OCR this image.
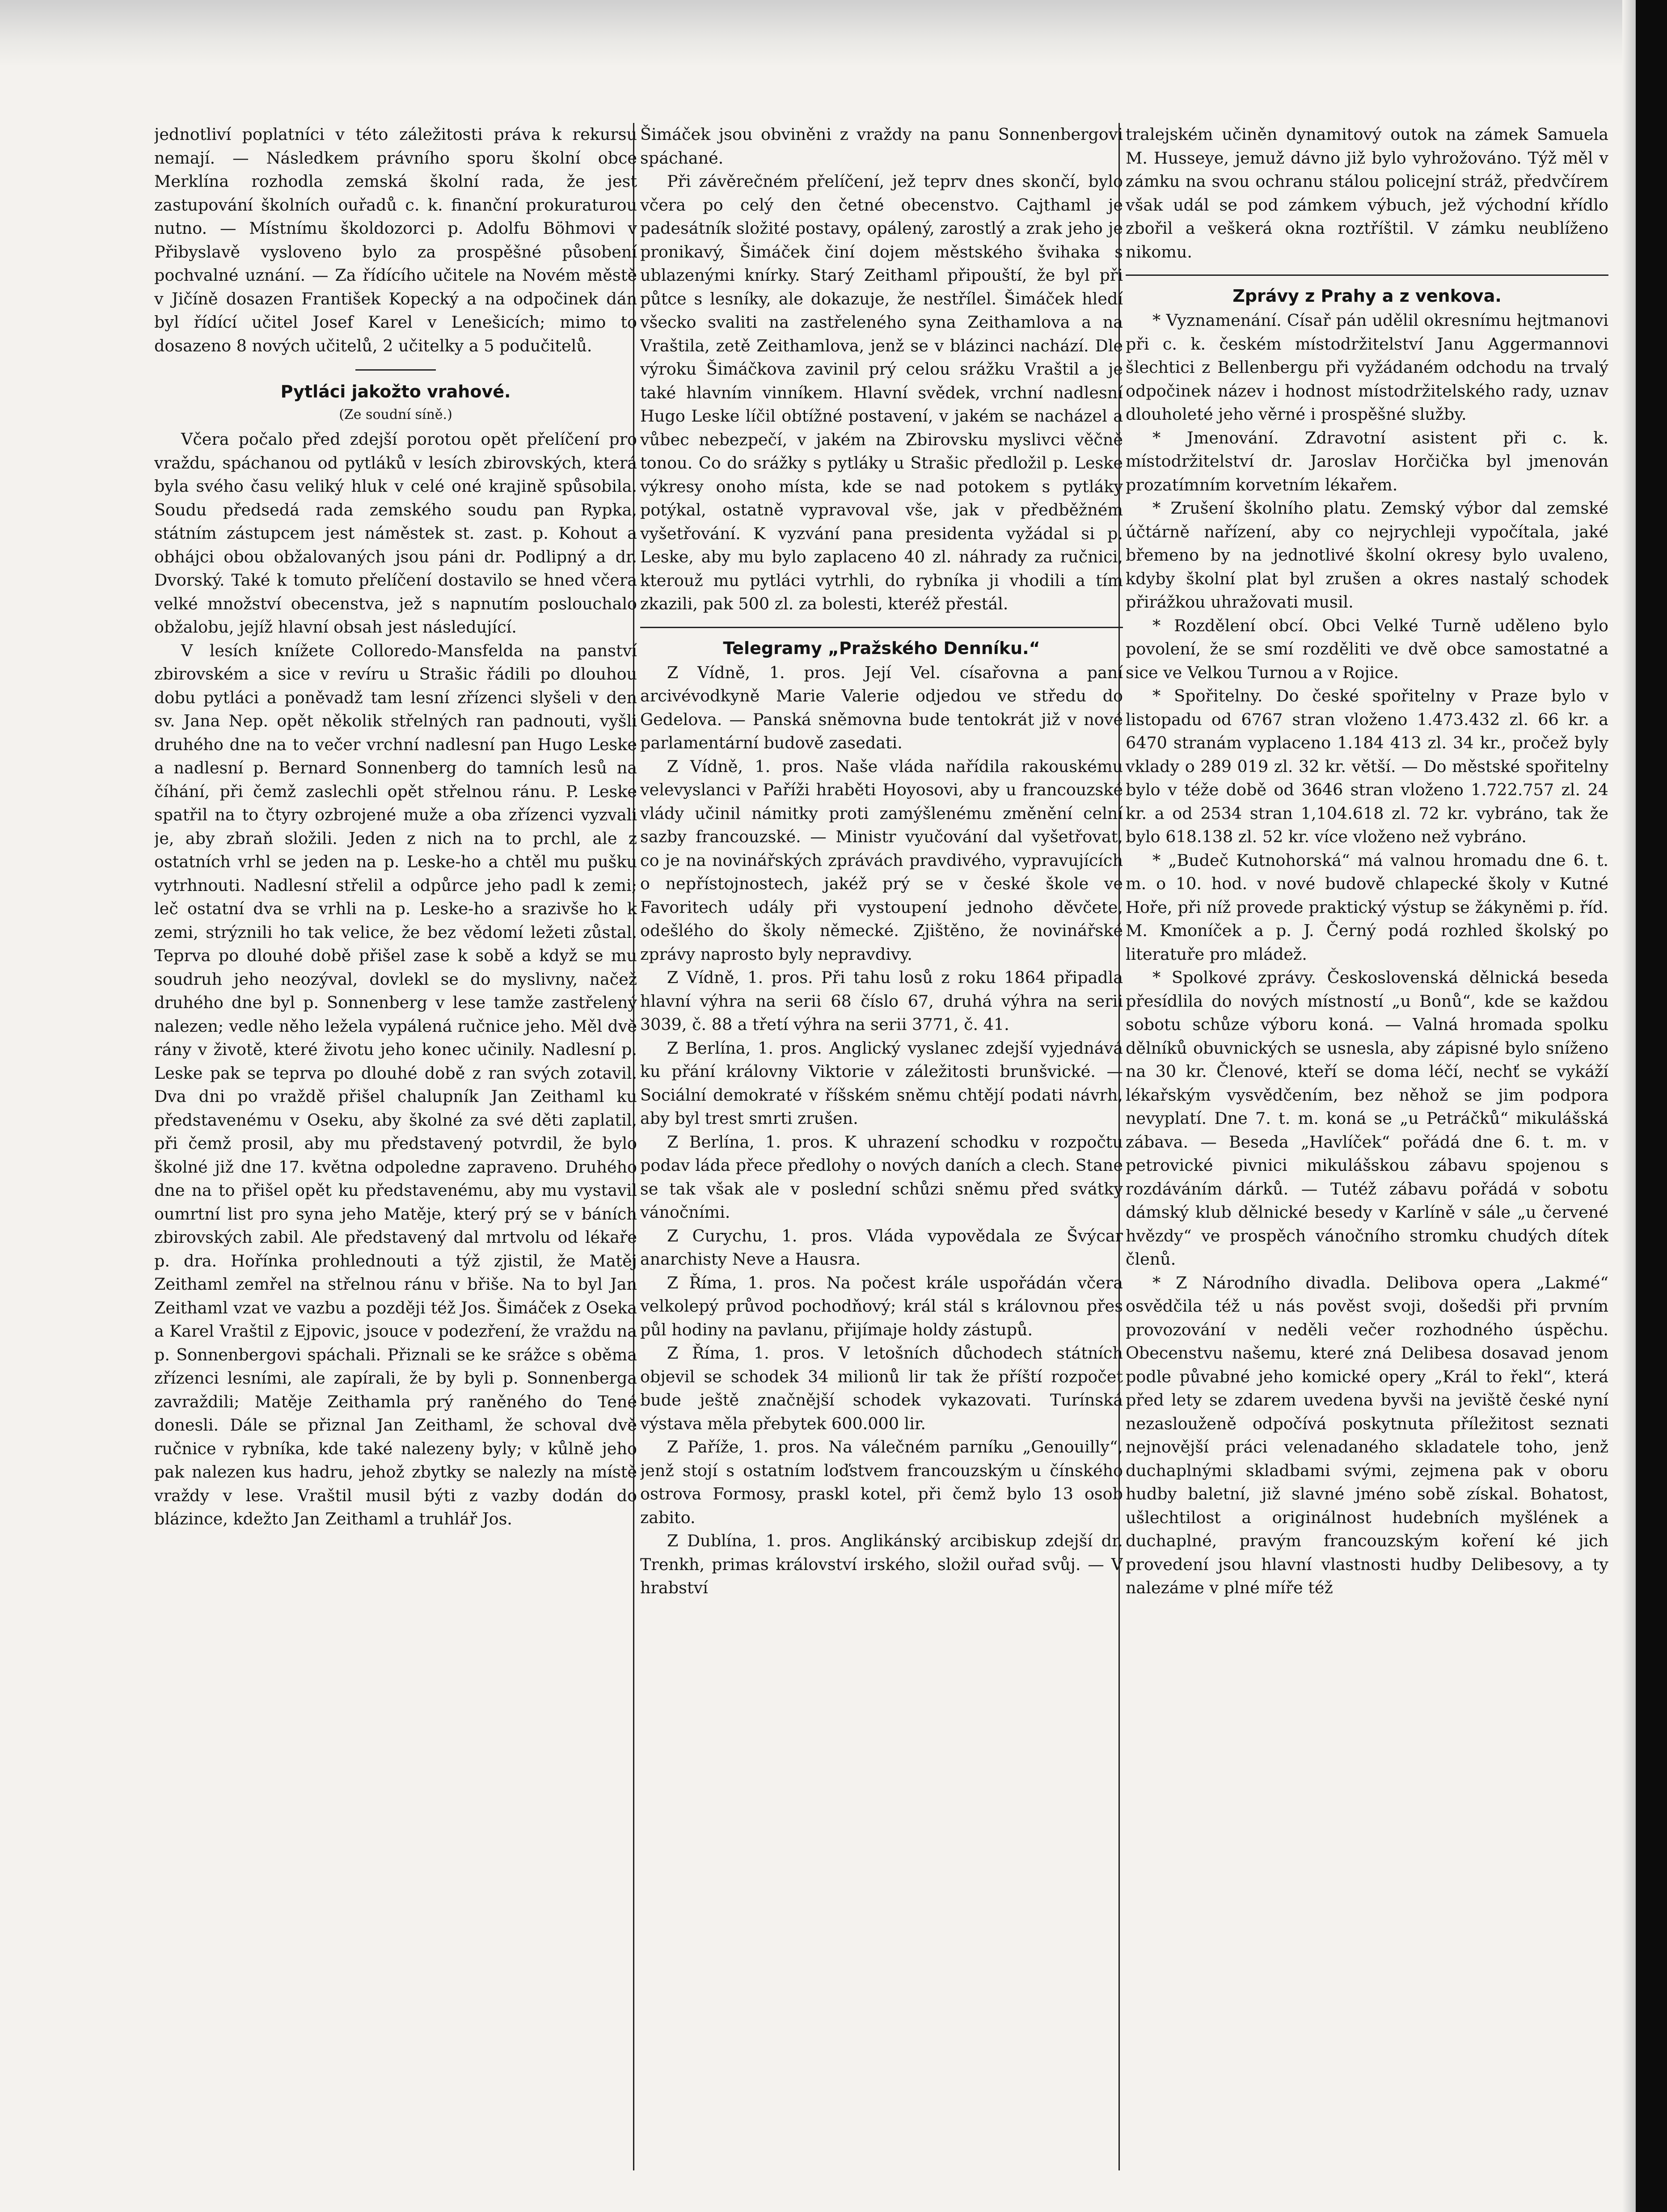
jednotliví poplatníci v této záležitosti práva k rekursu nemají. — Následkem právního sporu školní obce Merklína rozhodla zemská školní rada, že jest zastupování školních ouřadů c. k. finanční prokuraturou nutno. — Místnímu školdozorci p. Adolfu Böhmovi v Přibyslavě vysloveno bylo za prospěšné působení pochvalné uznání. — Za řídícího učitele na Novém městě v Jičíně dosazen František Kopecký a na odpočinek dán byl řídící učitel Josef Karel v Lenešicích; mimo to dosazeno 8 nových učitelů, 2 učitelky a 5 podučitelů.

Pytláci jakožto vrahové.
(Ze soudní síně.)

Včera počalo před zdejší porotou opět přelíčení pro vraždu, spáchanou od pytláků v lesích zbirovských, která byla svého času veliký hluk v celé oné krajině spůsobila. Soudu předsedá rada zemského soudu pan Rypka, státním zástupcem jest náměstek st. zast. p. Kohout a obhájci obou obžalovaných jsou páni dr. Podlipný a dr. Dvorský. Také k tomuto přelíčení dostavilo se hned včera velké množství obecenstva, jež s napnutím poslouchalo obžalobu, jejíž hlavní obsah jest následující.

V lesích knížete Colloredo-Mansfelda na panství zbirovském a sice v revíru u Strašic řádili po dlouhou dobu pytláci a poněvadž tam lesní zřízenci slyšeli v den sv. Jana Nep. opět několik střelných ran padnouti, vyšli druhého dne na to večer vrchní nadlesní pan Hugo Leske a nadlesní p. Bernard Sonnenberg do tamních lesů na číhání, při čemž zaslechli opět střelnou ránu. P. Leske spatřil na to čtyry ozbrojené muže a oba zřízenci vyzvali je, aby zbraň složili. Jeden z nich na to prchl, ale z ostatních vrhl se jeden na p. Leske-ho a chtěl mu pušku vytrhnouti. Nadlesní střelil a odpůrce jeho padl k zemi; leč ostatní dva se vrhli na p. Leske-ho a srazivše ho k zemi, strýznili ho tak velice, že bez vědomí ležeti zůstal. Teprva po dlouhé době přišel zase k sobě a když se mu soudruh jeho neozýval, dovlekl se do myslivny, načež druhého dne byl p. Sonnenberg v lese tamže zastřelený nalezen; vedle něho ležela vypálená ručnice jeho. Měl dvě rány v životě, které životu jeho konec učinily. Nadlesní p. Leske pak se teprva po dlouhé době z ran svých zotavil. Dva dni po vraždě přišel chalupník Jan Zeithaml ku představenému v Oseku, aby školné za své děti zaplatil, při čemž prosil, aby mu představený potvrdil, že bylo školné již dne 17. května odpoledne zapraveno. Druhého dne na to přišel opět ku představenému, aby mu vystavil oumrtní list pro syna jeho Matěje, který prý se v báních zbirovských zabil. Ale představený dal mrtvolu od lékaře p. dra. Hořínka prohlednouti a týž zjistil, že Matěj Zeithaml zemřel na střelnou ránu v břiše. Na to byl Jan Zeithaml vzat ve vazbu a později též Jos. Šimáček z Oseka a Karel Vraštil z Ejpovic, jsouce v podezření, že vraždu na p. Sonnenbergovi spáchali. Přiznali se ke srážce s oběma zřízenci lesními, ale zapírali, že by byli p. Sonnenberga zavraždili; Matěje Zeithamla prý raněného do Tené donesli. Dále se přiznal Jan Zeithaml, že schoval dvě ručnice v rybníka, kde také nalezeny byly; v kůlně jeho pak nalezen kus hadru, jehož zbytky se nalezly na místě vraždy v lese. Vraštil musil býti z vazby dodán do blázince, kdežto Jan Zeithaml a truhlář Jos.

Šimáček jsou obviněni z vraždy na panu Sonnenbergovi spáchané.

Při závěrečném přelíčení, jež teprv dnes skončí, bylo včera po celý den četné obecenstvo. Cajthaml je padesátník složité postavy, opálený, zarostlý a zrak jeho je pronikavý, Šimáček činí dojem městského švihaka s ublazenými knírky. Starý Zeithaml připouští, že byl při půtce s lesníky, ale dokazuje, že nestřílel. Šimáček hledí všecko svaliti na zastřeleného syna Zeithamlova a na Vraštila, zetě Zeithamlova, jenž se v blázinci nachází. Dle výroku Šimáčkova zavinil prý celou srážku Vraštil a je také hlavním vinníkem. Hlavní svědek, vrchní nadlesní Hugo Leske líčil obtížné postavení, v jakém se nacházel a vůbec nebezpečí, v jakém na Zbirovsku myslivci věčně tonou. Co do srážky s pytláky u Strašic předložil p. Leske výkresy onoho místa, kde se nad potokem s pytláky potýkal, ostatně vypravoval vše, jak v předběžném vyšetřování. K vyzvání pana presidenta vyžádal si p. Leske, aby mu bylo zaplaceno 40 zl. náhrady za ručnici, kterouž mu pytláci vytrhli, do rybníka ji vhodili a tím zkazili, pak 500 zl. za bolesti, kteréž přestál.

Telegramy „Pražského Denníku.“

Z Vídně, 1. pros. Její Vel. císařovna a paní arcivévodkyně Marie Valerie odjedou ve středu do Gedelova. — Panská sněmovna bude tentokrát již v nové parlamentární budově zasedati.

Z Vídně, 1. pros. Naše vláda nařídila rakouskému velevyslanci v Paříži hraběti Hoyosovi, aby u francouzské vlády učinil námitky proti zamýšlenému změnění celní sazby francouzské. — Ministr vyučování dal vyšetřovat, co je na novinářských zprávách pravdivého, vypravujících o nepřístojnostech, jakéž prý se v české škole ve Favoritech udály při vystoupení jednoho děvčete, odešlého do školy německé. Zjištěno, že novinářské zprávy naprosto byly nepravdivy.

Z Vídně, 1. pros. Při tahu losů z roku 1864 připadla hlavní výhra na serii 68 číslo 67, druhá výhra na serii 3039, č. 88 a třetí výhra na serii 3771, č. 41.

Z Berlína, 1. pros. Anglický vyslanec zdejší vyjednává ku přání královny Viktorie v záležitosti brunšvické. — Sociální demokraté v říšském sněmu chtějí podati návrh, aby byl trest smrti zrušen.

Z Berlína, 1. pros. K uhrazení schodku v rozpočtu podav láda přece předlohy o nových daních a clech. Stane se tak však ale v poslední schůzi sněmu před svátky vánočními.

Z Curychu, 1. pros. Vláda vypovědala ze Švýcar anarchisty Neve a Hausra.

Z Říma, 1. pros. Na počest krále uspořádán včera velkolepý průvod pochodňový; král stál s královnou přes půl hodiny na pavlanu, přijímaje holdy zástupů.

Z Říma, 1. pros. V letošních důchodech státních objevil se schodek 34 milionů lir tak že příští rozpočet bude ještě značnější schodek vykazovati. Turínská výstava měla přebytek 600.000 lir.

Z Paříže, 1. pros. Na válečném parníku „Genouilly“, jenž stojí s ostatním loďstvem francouzským u čínského ostrova Formosy, praskl kotel, při čemž bylo 13 osob zabito.

Z Dublína, 1. pros. Anglikánský arcibiskup zdejší dr. Trenkh, primas království irského, složil ouřad svůj. — V hrabství

tralejském učiněn dynamitový outok na zámek Samuela M. Husseye, jemuž dávno již bylo vyhrožováno. Týž měl v zámku na svou ochranu stálou policejní stráž, předvčírem však udál se pod zámkem výbuch, jež východní křídlo zbořil a veškerá okna roztříštil. V zámku neublíženo nikomu.

Zprávy z Prahy a z venkova.

* Vyznamenání. Císař pán udělil okresnímu hejtmanovi při c. k. českém místodržitelství Janu Aggermannovi šlechtici z Bellenbergu při vyžádaném odchodu na trvalý odpočinek název i hodnost místodržitelského rady, uznav dlouholeté jeho věrné i prospěšné služby.

* Jmenování. Zdravotní asistent při c. k. místodržitelství dr. Jaroslav Horčička byl jmenován prozatímním korvetním lékařem.

* Zrušení školního platu. Zemský výbor dal zemské účtárně nařízení, aby co nejrychleji vypočítala, jaké břemeno by na jednotlivé školní okresy bylo uvaleno, kdyby školní plat byl zrušen a okres nastalý schodek přirážkou uhražovati musil.

* Rozdělení obcí. Obci Velké Turně uděleno bylo povolení, že se smí rozděliti ve dvě obce samostatné a sice ve Velkou Turnou a v Rojice.

* Spořitelny. Do české spořitelny v Praze bylo v listopadu od 6767 stran vloženo 1.473.432 zl. 66 kr. a 6470 stranám vyplaceno 1.184 413 zl. 34 kr., pročež byly vklady o 289 019 zl. 32 kr. větší. — Do městské spořitelny bylo v téže době od 3646 stran vloženo 1.722.757 zl. 24 kr. a od 2534 stran 1,104.618 zl. 72 kr. vybráno, tak že bylo 618.138 zl. 52 kr. více vloženo než vybráno.

* „Budeč Kutnohorská“ má valnou hromadu dne 6. t. m. o 10. hod. v nové budově chlapecké školy v Kutné Hoře, při níž provede praktický výstup se žákyněmi p. říd. M. Kmoníček a p. J. Černý podá rozhled školský po literatuře pro mládež.

* Spolkové zprávy. Československá dělnická beseda přesídlila do nových místností „u Bonů“, kde se každou sobotu schůze výboru koná. — Valná hromada spolku dělníků obuvnických se usnesla, aby zápisné bylo sníženo na 30 kr. Členové, kteří se doma léčí, nechť se vykáží lékařským vysvědčením, bez něhož se jim podpora nevyplatí. Dne 7. t. m. koná se „u Petráčků“ mikulášská zábava. — Beseda „Havlíček“ pořádá dne 6. t. m. v petrovické pivnici mikulášskou zábavu spojenou s rozdáváním dárků. — Tutéž zábavu pořádá v sobotu dámský klub dělnické besedy v Karlíně v sále „u červené hvězdy“ ve prospěch vánočního stromku chudých dítek členů.

* Z Národního divadla. Delibova opera „Lakmé“ osvědčila též u nás pověst svoji, došedši při prvním provozování v neděli večer rozhodného úspěchu. Obecenstvu našemu, které zná Delibesa dosavad jenom podle půvabné jeho komické opery „Král to řekl“, která před lety se zdarem uvedena byvši na jeviště české nyní nezaslouženě odpočívá poskytnuta příležitost seznati nejnovější práci velenadaného skladatele toho, jenž duchaplnými skladbami svými, zejmena pak v oboru hudby baletní, již slavné jméno sobě získal. Bohatost, ušlechtilost a originálnost hudebních myšlének a duchaplné, pravým francouzským koření ké jich provedení jsou hlavní vlastnosti hudby Delibesovy, a ty nalezáme v plné míře též
